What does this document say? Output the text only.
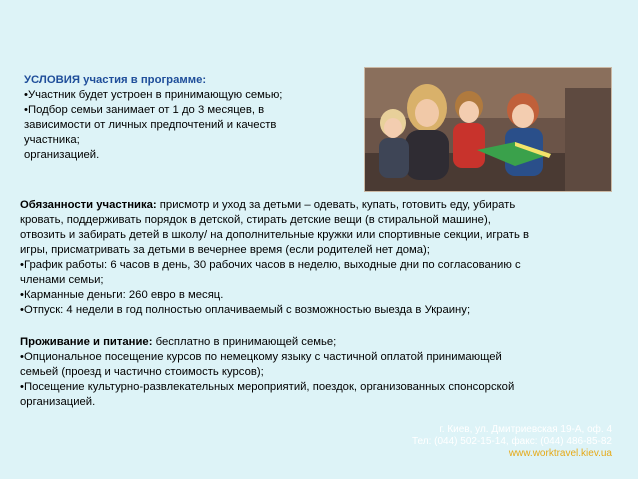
УСЛОВИЯ участия в программе:

•Участник будет устроен в принимающую семью;

•Подбор семьи занимает от 1 до 3 месяцев, в

зависимости от личных предпочтений и качеств

участника;

организацией.

Обязанности участника: присмотр и уход за детьми – одевать, купать, готовить еду, убирать

кровать, поддерживать порядок в детской, стирать детские вещи (в стиральной машине),

отвозить и забирать детей в школу/ на дополнительные кружки или спортивные секции, играть в

игры, присматривать за детьми в вечернее время (если родителей нет дома);

•График работы: 6 часов в день, 30 рабочих часов в неделю, выходные дни по согласованию с

членами семьи;

•Карманные деньги: 260 евро в месяц.

•Отпуск: 4 недели в год полностью оплачиваемый с возможностью выезда в Украину;

Проживание и питание: бесплатно в принимающей семье;

•Опциональное посещение курсов по немецкому языку с частичной оплатой принимающей

семьей (проезд и частично стоимость курсов);

•Посещение культурно-развлекательных мероприятий, поездок, организованных спонсорской

организацией.

г. Киев, ул. Дмитриевская 19-А, оф. 4
Тел: (044) 502-15-14, факс: (044) 486-85-82
www.worktravel.kiev.ua
